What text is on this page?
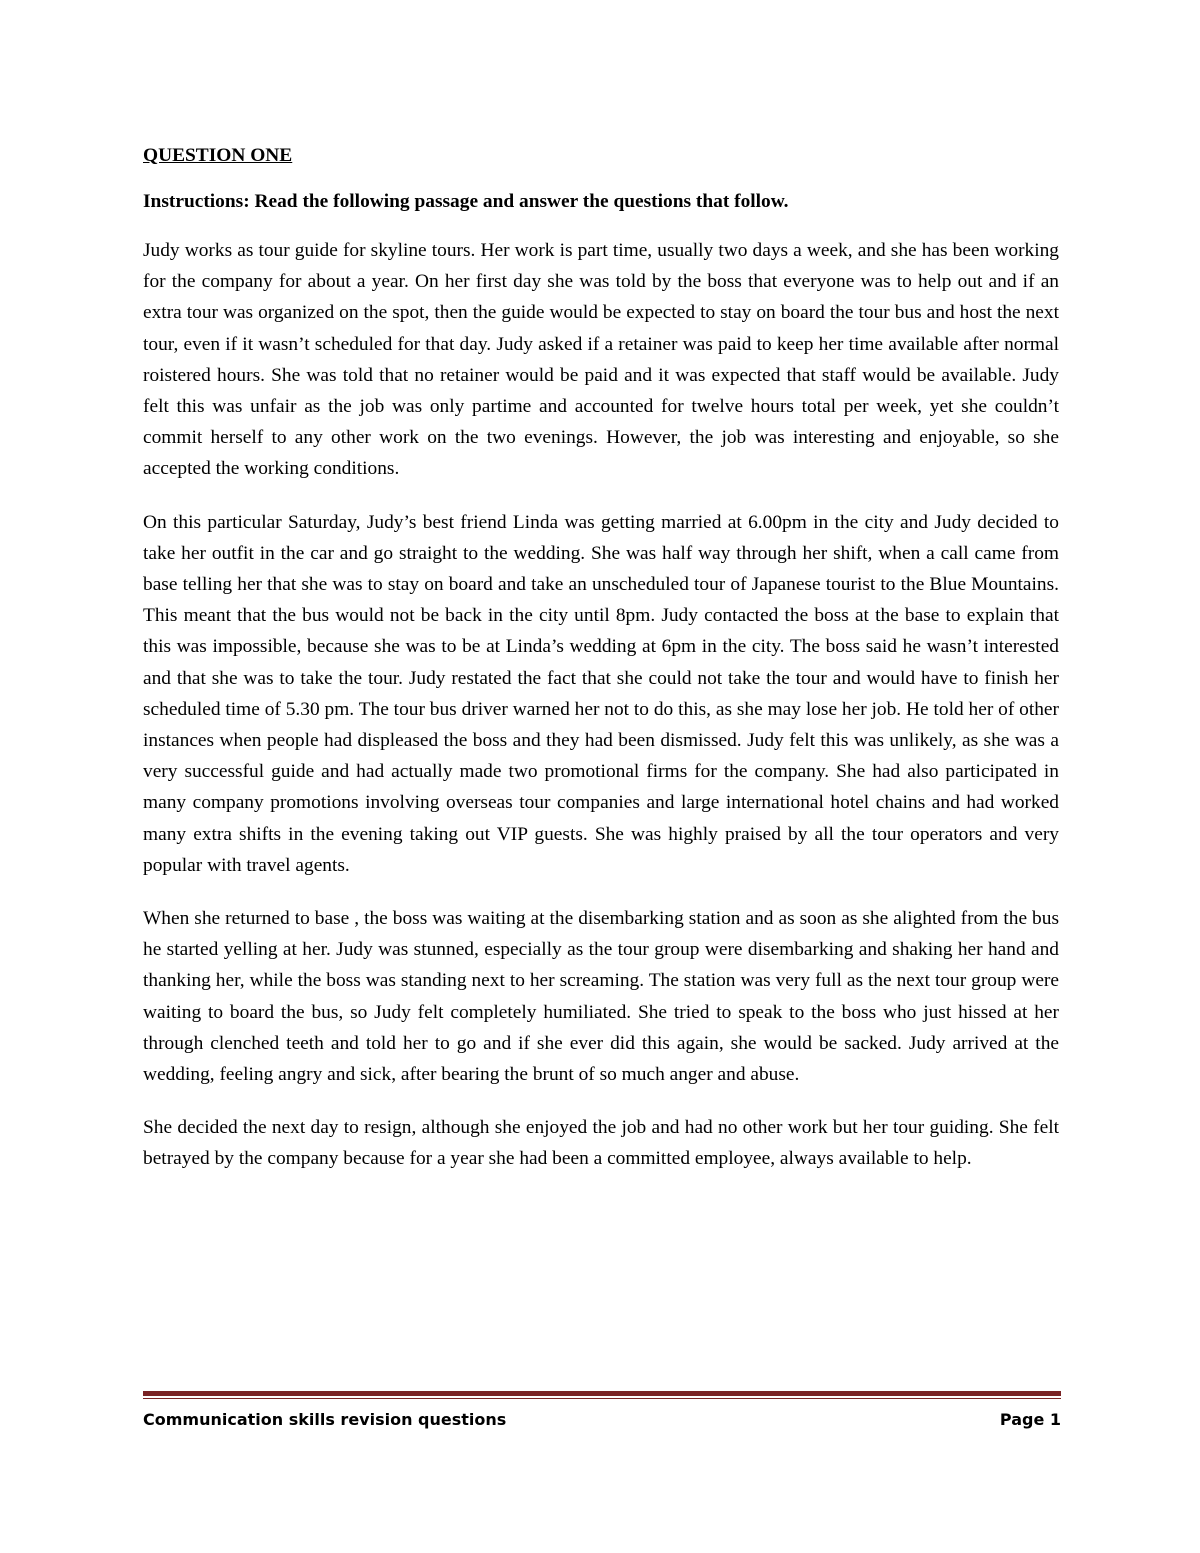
QUESTION ONE
Instructions: Read the following passage and answer the questions that follow.

Judy works as tour guide for skyline tours. Her work is part time, usually two days a week, and she has been working for the company for about a year. On her first day she was told by the boss that everyone was to help out and if an extra tour was organized on the spot, then the guide would be expected to stay on board the tour bus and host the next tour, even if it wasn’t scheduled for that day. Judy asked if a retainer was paid to keep her time available after normal roistered hours. She was told that no retainer would be paid and it was expected that staff would be available. Judy felt this was unfair as the job was only partime and accounted for twelve hours total per week, yet she couldn’t commit herself to any other work on the two evenings. However, the job was interesting and enjoyable, so she accepted the working conditions.

On this particular Saturday, Judy’s best friend Linda was getting married at 6.00pm in the city and Judy decided to take her outfit in the car and go straight to the wedding. She was half way through her shift, when a call came from base telling her that she was to stay on board and take an unscheduled tour of Japanese tourist to the Blue Mountains. This meant that the bus would not be back in the city until 8pm. Judy contacted the boss at the base to explain that this was impossible, because she was to be at Linda’s wedding at 6pm in the city. The boss said he wasn’t interested and that she was to take the tour. Judy restated the fact that she could not take the tour and would have to finish her scheduled time of 5.30 pm. The tour bus driver warned her not to do this, as she may lose her job. He told her of other instances when people had displeased the boss and they had been dismissed. Judy felt this was unlikely, as she was a very successful guide and had actually made two promotional firms for the company. She had also participated in many company promotions involving overseas tour companies and large international hotel chains and had worked many extra shifts in the evening taking out VIP guests. She was highly praised by all the tour operators and very popular with travel agents.

When she returned to base , the boss was waiting at the disembarking station and as soon as she alighted from the bus he started yelling at her. Judy was stunned, especially as the tour group were disembarking and shaking her hand and thanking her, while the boss was standing next to her screaming. The station was very full as the next tour group were waiting to board the bus, so Judy felt completely humiliated. She tried to speak to the boss who just hissed at her through clenched teeth and told her to go and if she ever did this again, she would be sacked. Judy arrived at the wedding, feeling angry and sick, after bearing the brunt of so much anger and abuse.

She decided the next day to resign, although she enjoyed the job and had no other work but her tour guiding. She felt betrayed by the company because for a year she had been a committed employee, always available to help.

Communication skills revision questions	Page 1
